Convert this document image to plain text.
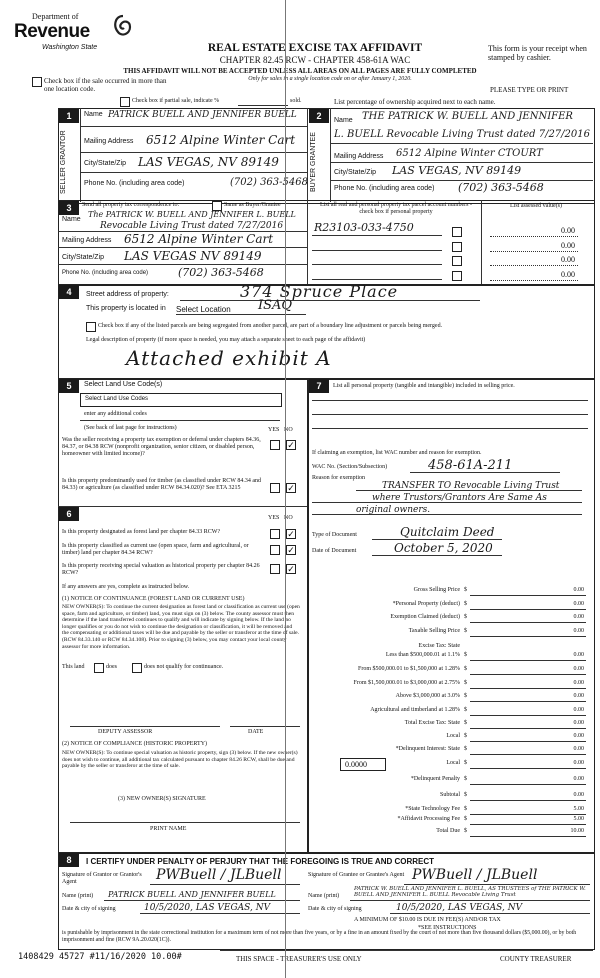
Department of
Revenue
Washington State	REAL ESTATE EXCISE TAX AFFIDAVIT
CHAPTER 82.45 RCW - CHAPTER 458-61A WAC
THIS AFFIDAVIT WILL NOT BE ACCEPTED UNLESS ALL AREAS ON ALL PAGES ARE FULLY COMPLETED
Only for sales in a single location code on or after January 1, 2020.
This form is your receipt when stamped by cashier.
PLEASE TYPE OR PRINT
Check box if the sale occurred in more than one location code.
Check box if partial sale, indicate %	sold.	List percentage of ownership acquired next to each name.
1
SELLER GRANTOR
Name PATRICK BUELL AND JENNIFER BUELL
Mailing Address 6512 Alpine Winter Cart
City/State/Zip LAS VEGAS, NV 89149
Phone No. (including area code)	(702) 363-5468
2
BUYER GRANTEE
Name THE PATRICK W. BUELL AND JENNIFER
L. BUELL Revocable Living Trust dated 7/27/2016
Mailing Address 6512 Alpine Winter CTOURT
City/State/Zip LAS VEGAS, NV 89149
Phone No. (including area code) (702) 363-5468
3	Send all property tax correspondence to:	Same as Buyer/Grantee
Name
The PATRICK W. BUELL AND JENNIFER L. BUELL
Revocable Living Trust dated 7/27/2016
Mailing Address 6512 Alpine Winter Cart
City/State/Zip LAS VEGAS NV 89149
Phone No. (including area code)	(702) 363-5468
List all real and personal property tax parcel account numbers - check box if personal property
List assessed value(s)
R23103-033-4750	0.00
0.00
0.00
0.00
4	Street address of property:	374 Spruce Place
This property is located in Select Location ISAQ
Check box if any of the listed parcels are being segregated from another parcel, are part of a boundary line adjustment or parcels being merged.
Legal description of property (if more space is needed, you may attach a separate sheet to each page of the affidavit)
Attached exhibit A
5	Select Land Use Code(s)
Select Land Use Codes
enter any additional codes
(See back of last page for instructions)	YES NO
Was the seller receiving a property tax exemption or deferral under chapters 84.36, 84.37, or 84.38 RCW (nonprofit organization, senior citizen, or disabled person, homeowner with limited income)?
✓
Is this property predominantly used for timber (as classified under RCW 84.34 and 84.33) or agriculture (as classified under RCW 84.34.020)? See ETA 3215	✓
6	YES NO
Is this property designated as forest land per chapter 84.33 RCW?	✓
Is this property classified as current use (open space, farm and agricultural, or timber) land per chapter 84.34 RCW?	✓
Is this property receiving special valuation as historical property per chapter 84.26 RCW?	✓
If any answers are yes, complete as instructed below.
(1) NOTICE OF CONTINUANCE (FOREST LAND OR CURRENT USE)
NEW OWNER(S): To continue the current designation as forest land or classification as current use (open space, farm and agriculture, or timber) land, you must sign on (3) below. The county assessor must then determine if the land transferred continues to qualify and will indicate by signing below. If the land no longer qualifies or you do not wish to continue the designation or classification, it will be removed and the compensating or additional taxes will be due and payable by the seller or transferor at the time of sale. (RCW 84.33.140 or RCW 84.34.108). Prior to signing (3) below, you may contact your local county assessor for more information.
This land	does	does not qualify for continuance.
DEPUTY ASSESSOR	DATE
(2) NOTICE OF COMPLIANCE (HISTORIC PROPERTY)
NEW OWNER(S): To continue special valuation as historic property, sign (3) below. If the new owner(s) does not wish to continue, all additional tax calculated pursuant to chapter 84.26 RCW, shall be due and payable by the seller or transferor at the time of sale.
(3) NEW OWNER(S) SIGNATURE
PRINT NAME
7	List all personal property (tangible and intangible) included in selling price.
If claiming an exemption, list WAC number and reason for exemption.
WAC No. (Section/Subsection)	458-61A-211
Reason for exemption
TRANSFER TO Revocable Living Trust
where Trustors/Grantors Are Same As
original owners.
Type of Document	Quitclaim Deed
Date of Document	October 5, 2020
Gross Selling Price $	0.00
*Personal Property (deduct) $	0.00
Exemption Claimed (deduct) $	0.00
Taxable Selling Price $	0.00
Excise Tax: State
Less than $500,000.01 at 1.1% $	0.00
From $500,000.01 to $1,500,000 at 1.28% $	0.00
From $1,500,000.01 to $3,000,000 at 2.75% $	0.00
Above $3,000,000 at 3.0% $	0.00
Agricultural and timberland at 1.28% $	0.00
Total Excise Tax: State $	0.00
Local $	0.00
*Delinquent Interest: State $	0.00
Local $	0.00
*Delinquent Penalty $	0.00
Subtotal $	0.00
*State Technology Fee $	5.00
*Affidavit Processing Fee $	5.00
Total Due $	10.00
0.0000
A MINIMUM OF $10.00 IS DUE IN FEE(S) AND/OR TAX
*SEE INSTRUCTIONS
8	I CERTIFY UNDER PENALTY OF PERJURY THAT THE FOREGOING IS TRUE AND CORRECT
Signature of Grantor or Grantor's Agent	PWBuell / JLBuell
Name (print) PATRICK BUELL AND JENNIFER BUELL
Date & city of signing	10/5/2020, LAS VEGAS, NV
Signature of Grantee or Grantee's Agent PWBuell / JLBuell
Name (print)
PATRICK W. BUELL AND JENNIFER L. BUELL, AS TRUSTEES of THE PATRICK W. BUELL AND JENNIFER L. BUELL Revocable Living Trust
Date & city of signing	10/5/2020, LAS VEGAS, NV
is punishable by imprisonment in the state correctional institution for a maximum term of not more than five years, or by a fine in an amount fixed by the court of not more than five thousand dollars ($5,000.00), or by both imprisonment and fine (RCW 9A.20.020(1C)).
1408429 45727 #11/16/2020 10.00#	THIS SPACE - TREASURER'S USE ONLY	COUNTY TREASURER
